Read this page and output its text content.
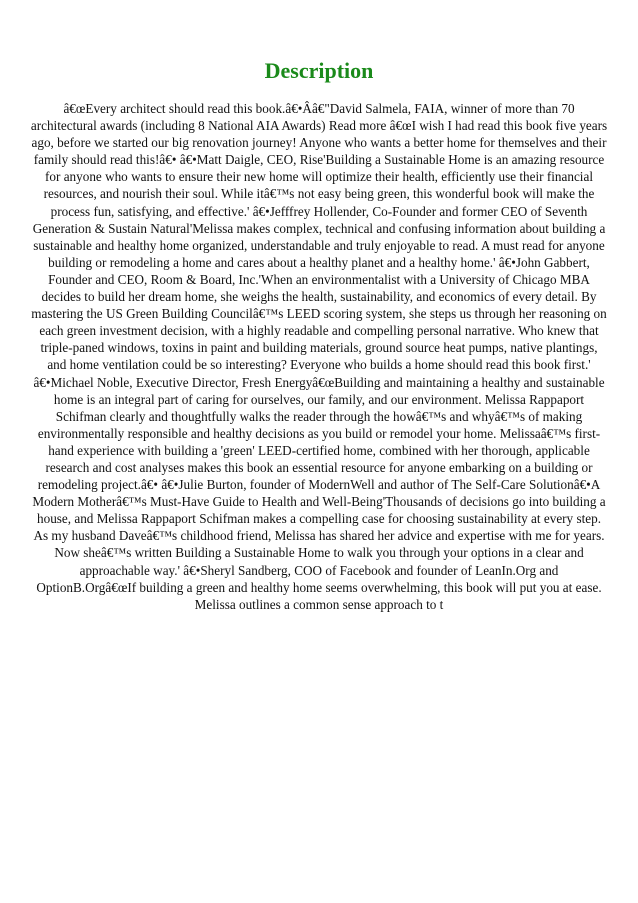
Description

â€œEvery architect should read this book.â€•Ââ€"David Salmela, FAIA, winner of more than 70 architectural awards (including 8 National AIA Awards) Read more â€œI wish I had read this book five years ago, before we started our big renovation journey! Anyone who wants a better home for themselves and their family should read this!â€• â€•Matt Daigle, CEO, Rise'Building a Sustainable Home is an amazing resource for anyone who wants to ensure their new home will optimize their health, efficiently use their financial resources, and nourish their soul. While itâ€™s not easy being green, this wonderful book will make the process fun, satisfying, and effective.' â€•Jefffrey Hollender, Co-Founder and former CEO of Seventh Generation & Sustain Natural'Melissa makes complex, technical and confusing information about building a sustainable and healthy home organized, understandable and truly enjoyable to read. A must read for anyone building or remodeling a home and cares about a healthy planet and a healthy home.' â€•John Gabbert, Founder and CEO, Room & Board, Inc.'When an environmentalist with a University of Chicago MBA decides to build her dream home, she weighs the health, sustainability, and economics of every detail. By mastering the US Green Building Councilâ€™s LEED scoring system, she steps us through her reasoning on each green investment decision, with a highly readable and compelling personal narrative. Who knew that triple-paned windows, toxins in paint and building materials, ground source heat pumps, native plantings, and home ventilation could be so interesting? Everyone who builds a home should read this book first.' â€•Michael Noble, Executive Director, Fresh Energyâ€œBuilding and maintaining a healthy and sustainable home is an integral part of caring for ourselves, our family, and our environment. Melissa Rappaport Schifman clearly and thoughtfully walks the reader through the howâ€™s and whyâ€™s of making environmentally responsible and healthy decisions as you build or remodel your home. Melissaâ€™s first-hand experience with building a 'green' LEED-certified home, combined with her thorough, applicable research and cost analyses makes this book an essential resource for anyone embarking on a building or remodeling project.â€• â€•Julie Burton, founder of ModernWell and author of The Self-Care Solutionâ€•A Modern Motherâ€™s Must-Have Guide to Health and Well-Being'Thousands of decisions go into building a house, and Melissa Rappaport Schifman makes a compelling case for choosing sustainability at every step. As my husband Daveâ€™s childhood friend, Melissa has shared her advice and expertise with me for years. Now sheâ€™s written Building a Sustainable Home to walk you through your options in a clear and approachable way.' â€•Sheryl Sandberg, COO of Facebook and founder of LeanIn.Org and OptionB.Orgâ€œIf building a green and healthy home seems overwhelming, this book will put you at ease. Melissa outlines a common sense approach to t
